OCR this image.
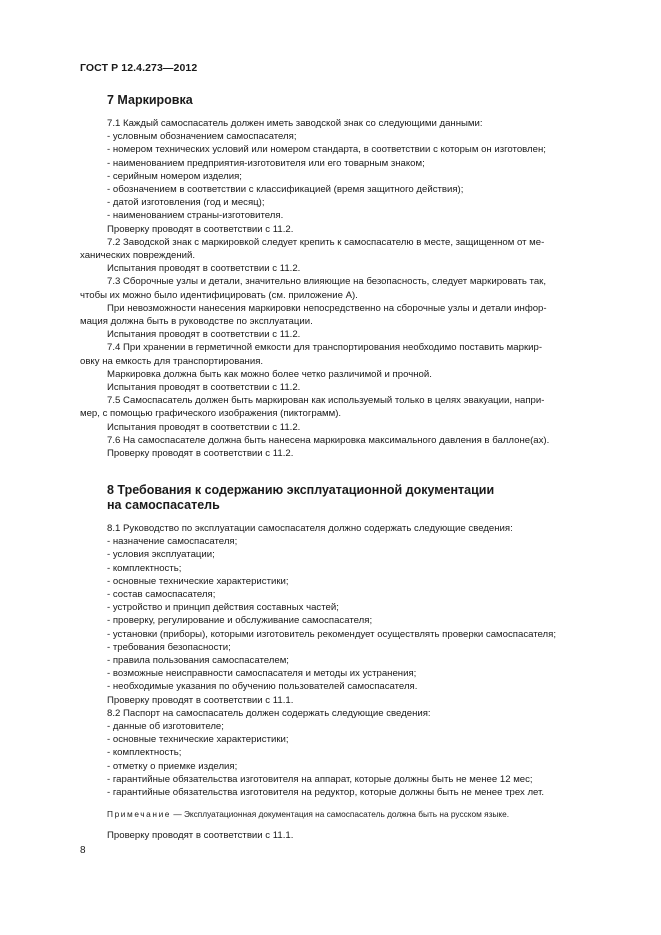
ГОСТ Р 12.4.273—2012
7 Маркировка
7.1 Каждый самоспасатель должен иметь заводской знак со следующими данными:
- условным обозначением самоспасателя;
- номером технических условий или номером стандарта, в соответствии с которым он изготовлен;
- наименованием предприятия-изготовителя или его товарным знаком;
- серийным номером изделия;
- обозначением в соответствии с классификацией (время защитного действия);
- датой изготовления (год и месяц);
- наименованием страны-изготовителя.
Проверку проводят в соответствии с 11.2.
7.2 Заводской знак с маркировкой следует крепить к самоспасателю в месте, защищенном от ме-
ханических повреждений.
Испытания проводят в соответствии с 11.2.
7.3 Сборочные узлы и детали, значительно влияющие на безопасность, следует маркировать так,
чтобы их можно было идентифицировать (см. приложение А).
При невозможности нанесения маркировки непосредственно на сборочные узлы и детали инфор-
мация должна быть в руководстве по эксплуатации.
Испытания проводят в соответствии с 11.2.
7.4 При хранении в герметичной емкости для транспортирования необходимо поставить маркир-
овку на емкость для транспортирования.
Маркировка должна быть как можно более четко различимой и прочной.
Испытания проводят в соответствии с 11.2.
7.5 Самоспасатель должен быть маркирован как используемый только в целях эвакуации, напри-
мер, с помощью графического изображения (пиктограмм).
Испытания проводят в соответствии с 11.2.
7.6 На самоспасателе должна быть нанесена маркировка максимального давления в баллоне(ах).
Проверку проводят в соответствии с 11.2.
8 Требования к содержанию эксплуатационной документации
на самоспасатель
8.1 Руководство по эксплуатации самоспасателя должно содержать следующие сведения:
- назначение самоспасателя;
- условия эксплуатации;
- комплектность;
- основные технические характеристики;
- состав самоспасателя;
- устройство и принцип действия составных частей;
- проверку, регулирование и обслуживание самоспасателя;
- установки (приборы), которыми изготовитель рекомендует осуществлять проверки самоспасателя;
- требования безопасности;
- правила пользования самоспасателем;
- возможные неисправности самоспасателя и методы их устранения;
- необходимые указания по обучению пользователей самоспасателя.
Проверку проводят в соответствии с 11.1.
8.2 Паспорт на самоспасатель должен содержать следующие сведения:
- данные об изготовителе;
- основные технические характеристики;
- комплектность;
- отметку о приемке изделия;
- гарантийные обязательства изготовителя на аппарат, которые должны быть не менее 12 мес;
- гарантийные обязательства изготовителя на редуктор, которые должны быть не менее трех лет.
Примечание — Эксплуатационная документация на самоспасатель должна быть на русском языке.
Проверку проводят в соответствии с 11.1.
8
